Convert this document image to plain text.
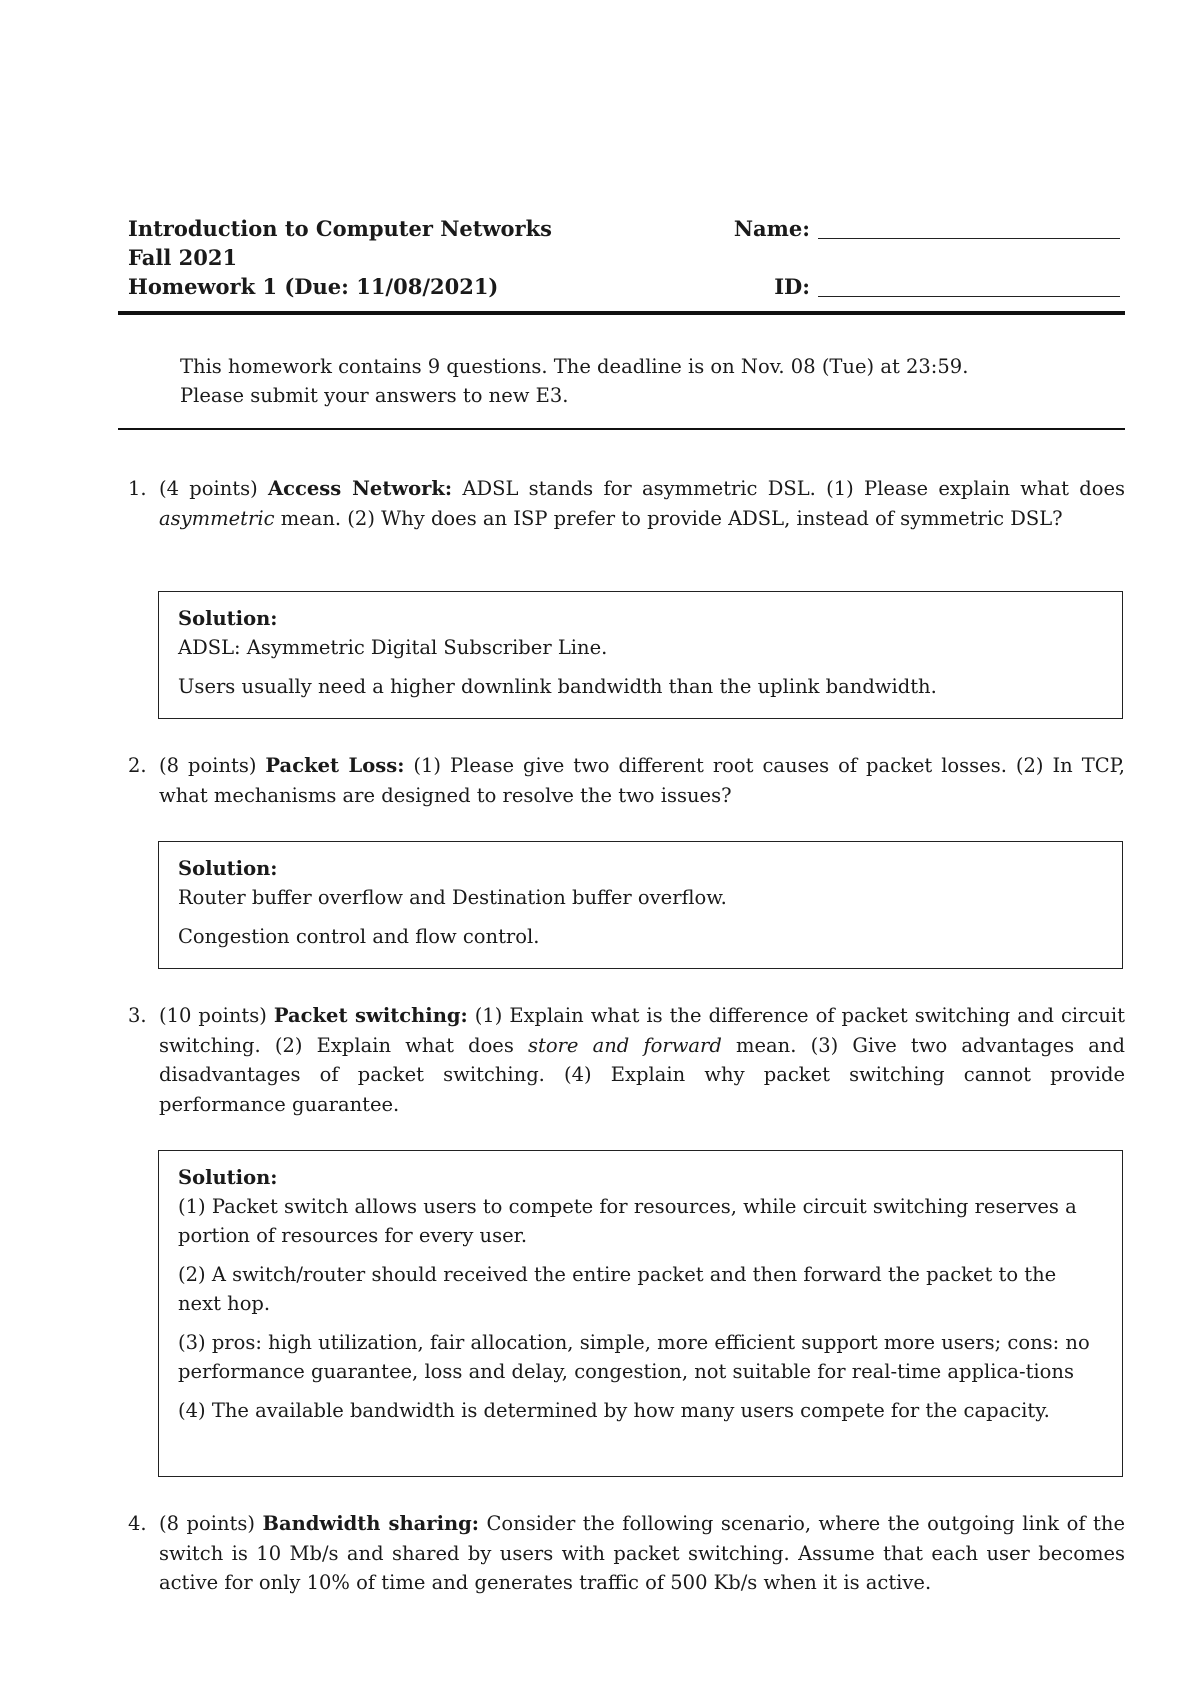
Introduction to Computer Networks
Fall 2021
Homework 1 (Due: 11/08/2021)
Name:
ID:
This homework contains 9 questions. The deadline is on Nov. 08 (Tue) at 23:59.
Please submit your answers to new E3.
1. (4 points) Access Network: ADSL stands for asymmetric DSL. (1) Please explain what does asymmetric mean. (2) Why does an ISP prefer to provide ADSL, instead of symmetric DSL?
Solution:

ADSL: Asymmetric Digital Subscriber Line.

Users usually need a higher downlink bandwidth than the uplink bandwidth.

2. (8 points) Packet Loss: (1) Please give two different root causes of packet losses. (2) In TCP, what mechanisms are designed to resolve the two issues?
Solution:

Router buffer overflow and Destination buffer overflow.

Congestion control and flow control.

3. (10 points) Packet switching: (1) Explain what is the difference of packet switching and circuit switching. (2) Explain what does store and forward mean. (3) Give two advantages and disadvantages of packet switching. (4) Explain why packet switching cannot provide performance guarantee.
Solution:

(1) Packet switch allows users to compete for resources, while circuit switching reserves a portion of resources for every user.

(2) A switch/router should received the entire packet and then forward the packet to the next hop.

(3) pros: high utilization, fair allocation, simple, more efficient support more users; cons: no performance guarantee, loss and delay, congestion, not suitable for real-time applica-tions

(4) The available bandwidth is determined by how many users compete for the capacity.

4. (8 points) Bandwidth sharing: Consider the following scenario, where the outgoing link of the switch is 10 Mb/s and shared by users with packet switching. Assume that each user becomes active for only 10% of time and generates traffic of 500 Kb/s when it is active.
